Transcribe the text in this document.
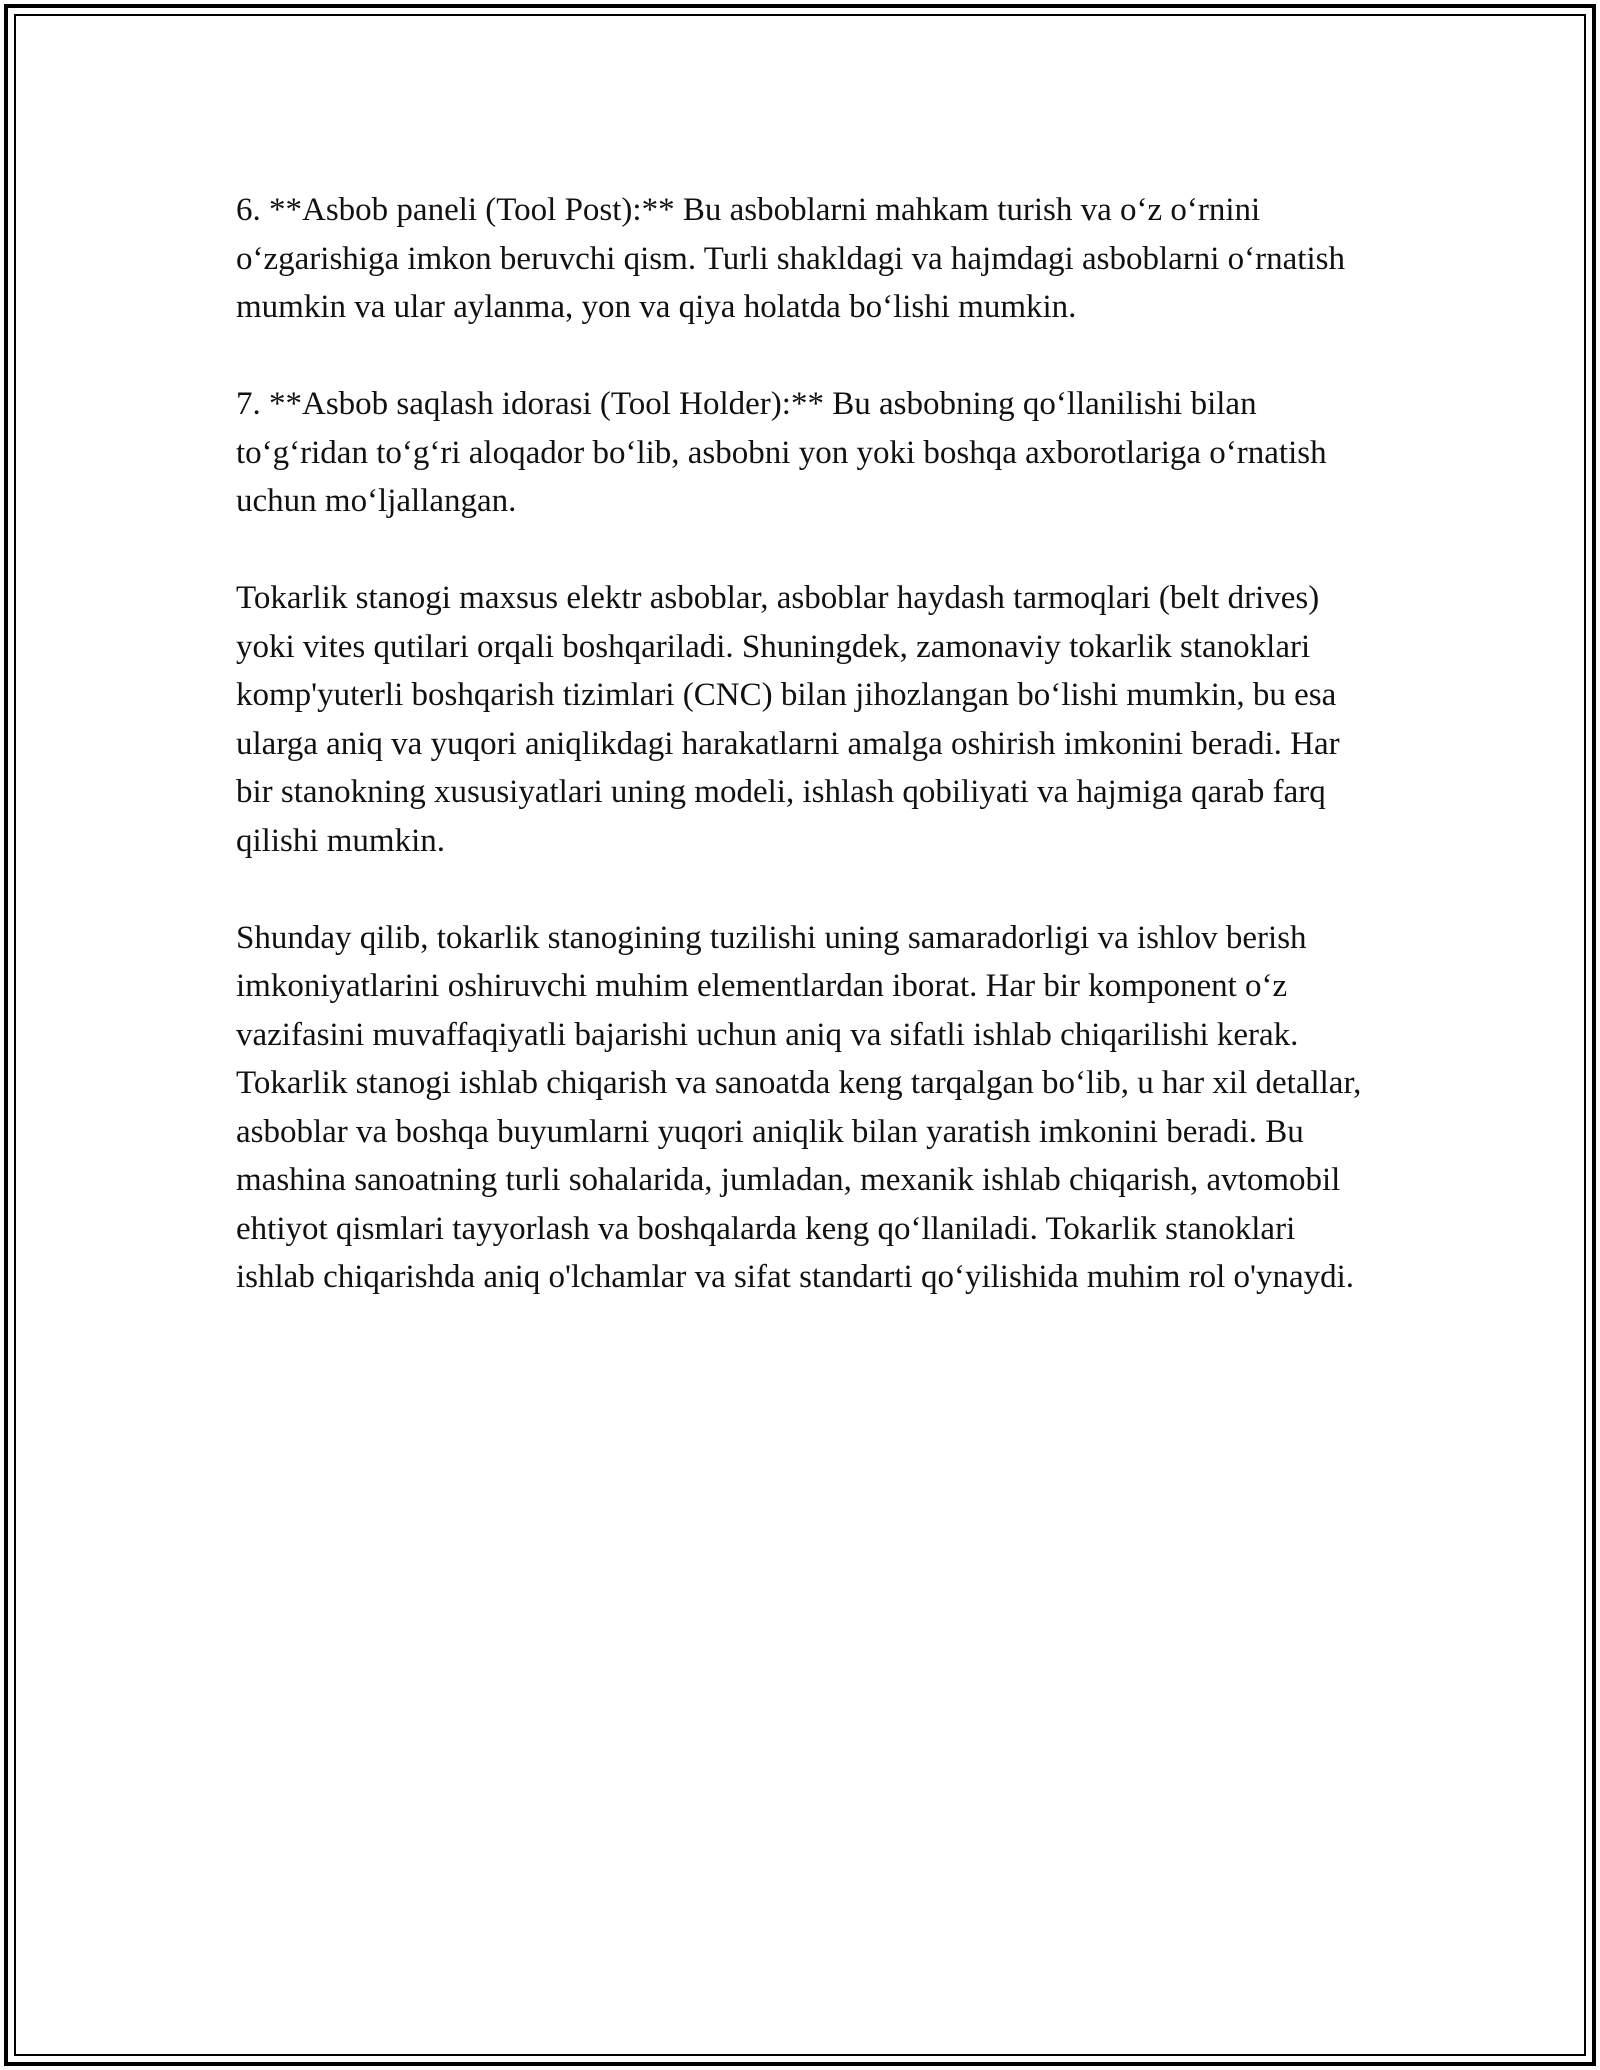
6. **Asbob paneli (Tool Post):** Bu asboblarni mahkam turish va o‘z o‘rnini o‘zgarishiga imkon beruvchi qism. Turli shakldagi va hajmdagi asboblarni o‘rnatish mumkin va ular aylanma, yon va qiya holatda bo‘lishi mumkin.

7. **Asbob saqlash idorasi (Tool Holder):** Bu asbobning qo‘llanilishi bilan to‘g‘ridan to‘g‘ri aloqador bo‘lib, asbobni yon yoki boshqa axborotlariga o‘rnatish uchun mo‘ljallangan.

Tokarlik stanogi maxsus elektr asboblar, asboblar haydash tarmoqlari (belt drives) yoki vites qutilari orqali boshqariladi. Shuningdek, zamonaviy tokarlik stanoklari komp'yuterli boshqarish tizimlari (CNC) bilan jihozlangan bo‘lishi mumkin, bu esa ularga aniq va yuqori aniqlikdagi harakatlarni amalga oshirish imkonini beradi. Har bir stanokning xususiyatlari uning modeli, ishlash qobiliyati va hajmiga qarab farq qilishi mumkin.

Shunday qilib, tokarlik stanogining tuzilishi uning samaradorligi va ishlov berish imkoniyatlarini oshiruvchi muhim elementlardan iborat. Har bir komponent o‘z vazifasini muvaffaqiyatli bajarishi uchun aniq va sifatli ishlab chiqarilishi kerak. Tokarlik stanogi ishlab chiqarish va sanoatda keng tarqalgan bo‘lib, u har xil detallar, asboblar va boshqa buyumlarni yuqori aniqlik bilan yaratish imkonini beradi. Bu mashina sanoatning turli sohalarida, jumladan, mexanik ishlab chiqarish, avtomobil ehtiyot qismlari tayyorlash va boshqalarda keng qo‘llaniladi. Tokarlik stanoklari ishlab chiqarishda aniq o'lchamlar va sifat standarti qo‘yilishida muhim rol o'ynaydi.
